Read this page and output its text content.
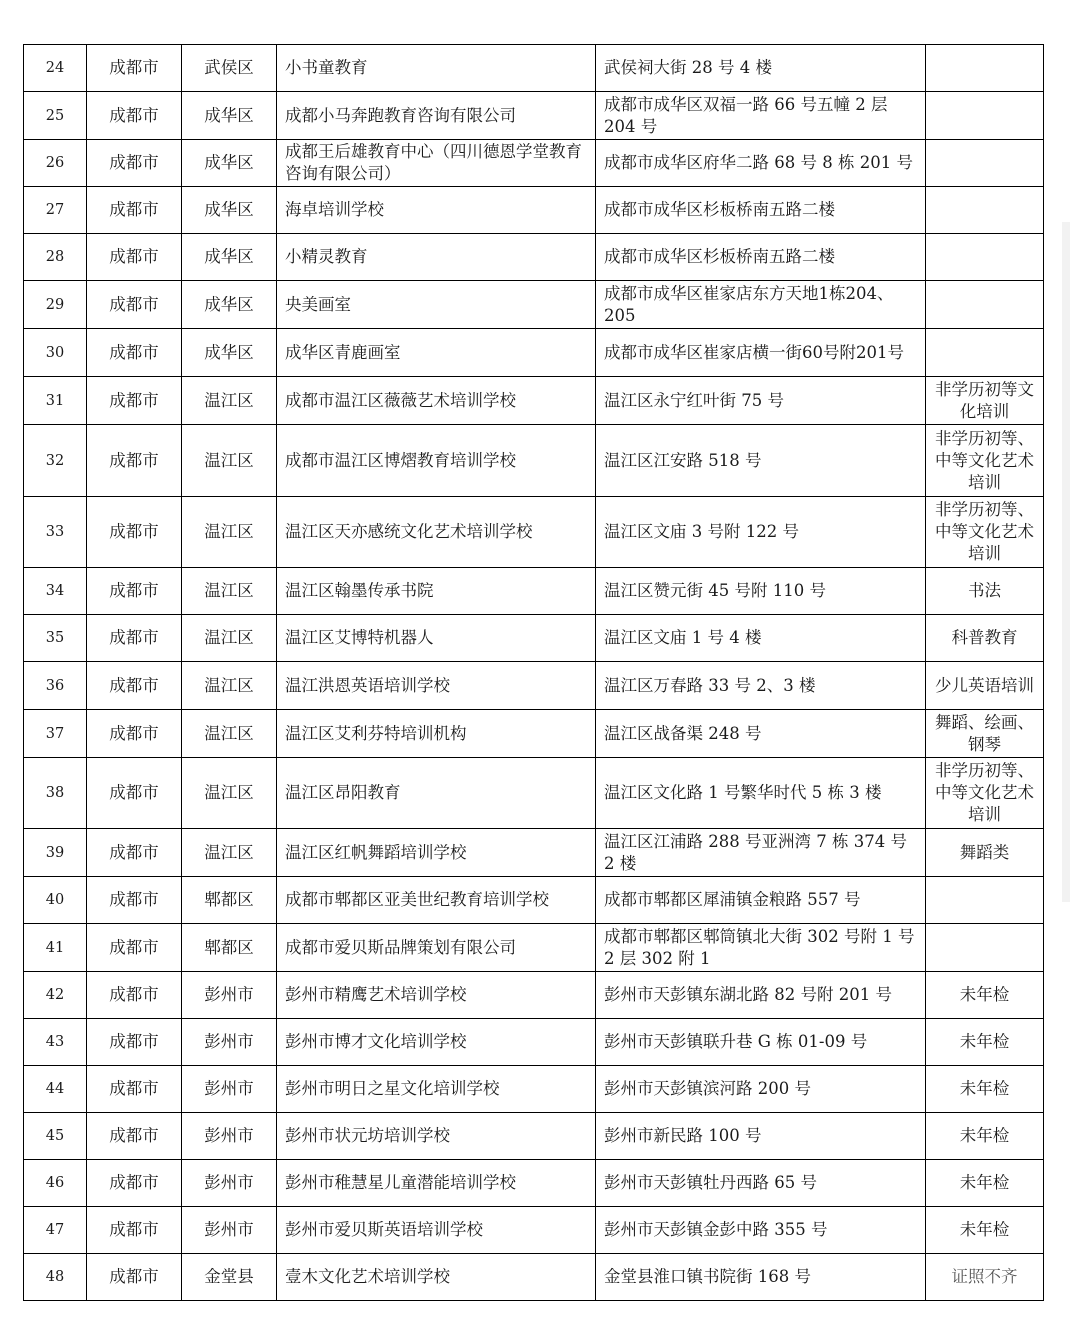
24	成都市	武侯区	小书童教育	武侯祠大街 28 号 4 楼	
25	成都市	成华区	成都小马奔跑教育咨询有限公司	成都市成华区双福一路 66 号五幢 2 层 204 号	
26	成都市	成华区	成都王后雄教育中心（四川德恩学堂教育咨询有限公司）	成都市成华区府华二路 68 号 8 栋 201 号	
27	成都市	成华区	海卓培训学校	成都市成华区杉板桥南五路二楼	
28	成都市	成华区	小精灵教育	成都市成华区杉板桥南五路二楼	
29	成都市	成华区	央美画室	成都市成华区崔家店东方天地1栋204、205	
30	成都市	成华区	成华区青鹿画室	成都市成华区崔家店横一街60号附201号	
31	成都市	温江区	成都市温江区薇薇艺术培训学校	温江区永宁红叶街 75 号	非学历初等文化培训
32	成都市	温江区	成都市温江区博熠教育培训学校	温江区江安路 518 号	非学历初等、中等文化艺术培训
33	成都市	温江区	温江区天亦感统文化艺术培训学校	温江区文庙 3 号附 122 号	非学历初等、中等文化艺术培训
34	成都市	温江区	温江区翰墨传承书院	温江区赞元街 45 号附 110 号	书法
35	成都市	温江区	温江区艾博特机器人	温江区文庙 1 号 4 楼	科普教育
36	成都市	温江区	温江洪恩英语培训学校	温江区万春路 33 号 2、3 楼	少儿英语培训
37	成都市	温江区	温江区艾利芬特培训机构	温江区战备渠 248 号	舞蹈、绘画、钢琴
38	成都市	温江区	温江区昂阳教育	温江区文化路 1 号繁华时代 5 栋 3 楼	非学历初等、中等文化艺术培训
39	成都市	温江区	温江区红帆舞蹈培训学校	温江区江浦路 288 号亚洲湾 7 栋 374 号 2 楼	舞蹈类
40	成都市	郫都区	成都市郫都区亚美世纪教育培训学校	成都市郫都区犀浦镇金粮路 557 号	
41	成都市	郫都区	成都市爱贝斯品牌策划有限公司	成都市郫都区郫筒镇北大街 302 号附 1 号 2 层 302 附 1	
42	成都市	彭州市	彭州市精鹰艺术培训学校	彭州市天彭镇东湖北路 82 号附 201 号	未年检
43	成都市	彭州市	彭州市博才文化培训学校	彭州市天彭镇联升巷 G 栋 01-09 号	未年检
44	成都市	彭州市	彭州市明日之星文化培训学校	彭州市天彭镇滨河路 200 号	未年检
45	成都市	彭州市	彭州市状元坊培训学校	彭州市新民路 100 号	未年检
46	成都市	彭州市	彭州市稚慧星儿童潜能培训学校	彭州市天彭镇牡丹西路 65 号	未年检
47	成都市	彭州市	彭州市爱贝斯英语培训学校	彭州市天彭镇金彭中路 355 号	未年检
48	成都市	金堂县	壹木文化艺术培训学校	金堂县淮口镇书院街 168 号	证照不齐
